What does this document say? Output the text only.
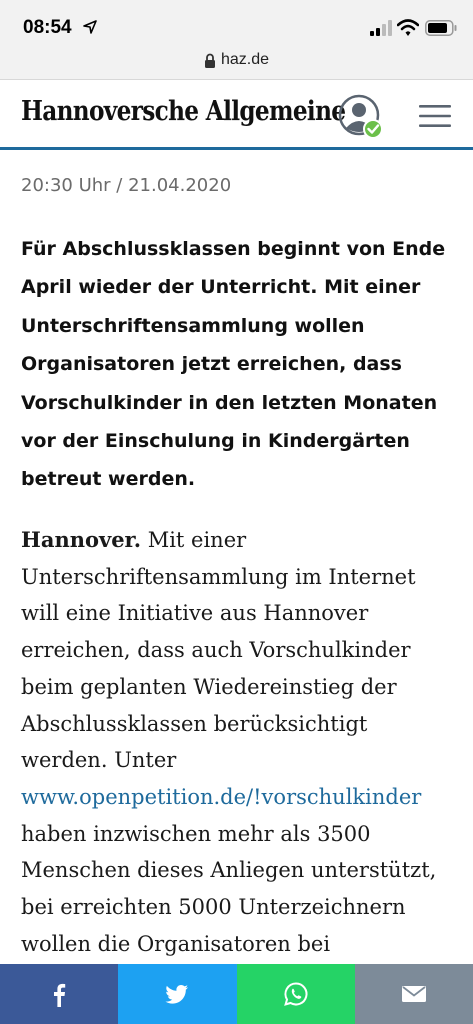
08:54
haz.de
Hannoversche Allgemeine
20:30 Uhr / 21.04.2020
Für Abschlussklassen beginnt von Ende
April wieder der Unterricht. Mit einer
Unterschriftensammlung wollen
Organisatoren jetzt erreichen, dass
Vorschulkinder in den letzten Monaten
vor der Einschulung in Kindergärten
betreut werden.
Hannover. Mit einer
Unterschriftensammlung im Internet
will eine Initiative aus Hannover
erreichen, dass auch Vorschulkinder
beim geplanten Wiedereinstieg der
Abschlussklassen berücksichtigt
werden. Unter
www.openpetition.de/!vorschulkinder
haben inzwischen mehr als 3500
Menschen dieses Anliegen unterstützt,
bei erreichten 5000 Unterzeichnern
wollen die Organisatoren bei
